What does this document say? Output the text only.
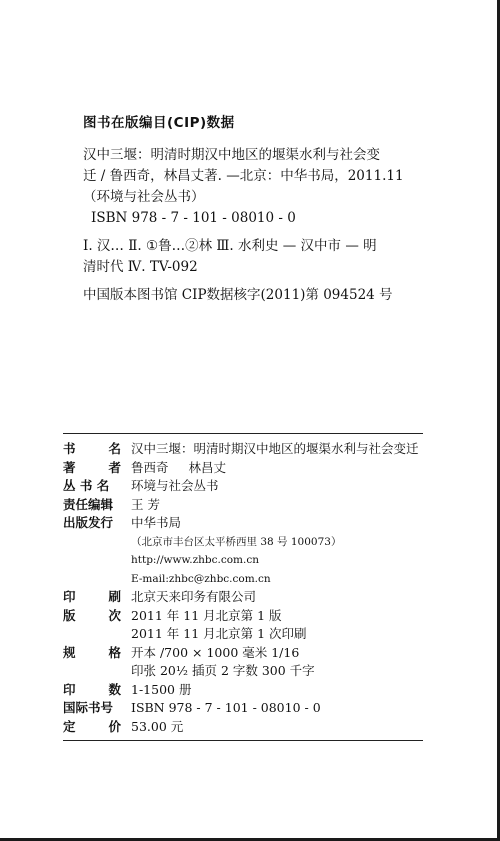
图书在版编目(CIP)数据
汉中三堰：明清时期汉中地区的堰渠水利与社会变
迁 / 鲁西奇，林昌丈著. —北京：中华书局，2011.11
（环境与社会丛书）
ISBN 978 - 7 - 101 - 08010 - 0
Ⅰ. 汉… Ⅱ. ①鲁…②林 Ⅲ. 水利史 — 汉中市 — 明
清时代 Ⅳ. TV-092
中国版本图书馆 CIP数据核字(2011)第 094524 号
书	名 汉中三堰：明清时期汉中地区的堰渠水利与社会变迁
著	者 鲁西奇 林昌丈
丛 书 名	环境与社会丛书
责任编辑	王 芳
出版发行	中华书局
（北京市丰台区太平桥西里 38 号 100073）
http://www.zhbc.com.cn
E-mail:zhbc@zhbc.com.cn
印	刷 北京天来印务有限公司
版	次 2011 年 11 月北京第 1 版
2011 年 11 月北京第 1 次印刷
规	格 开本 /700 × 1000 毫米 1/16
印张 20½ 插页 2 字数 300 千字
印	数 1-1500 册
国际书号	ISBN 978 - 7 - 101 - 08010 - 0
定	价 53.00 元
